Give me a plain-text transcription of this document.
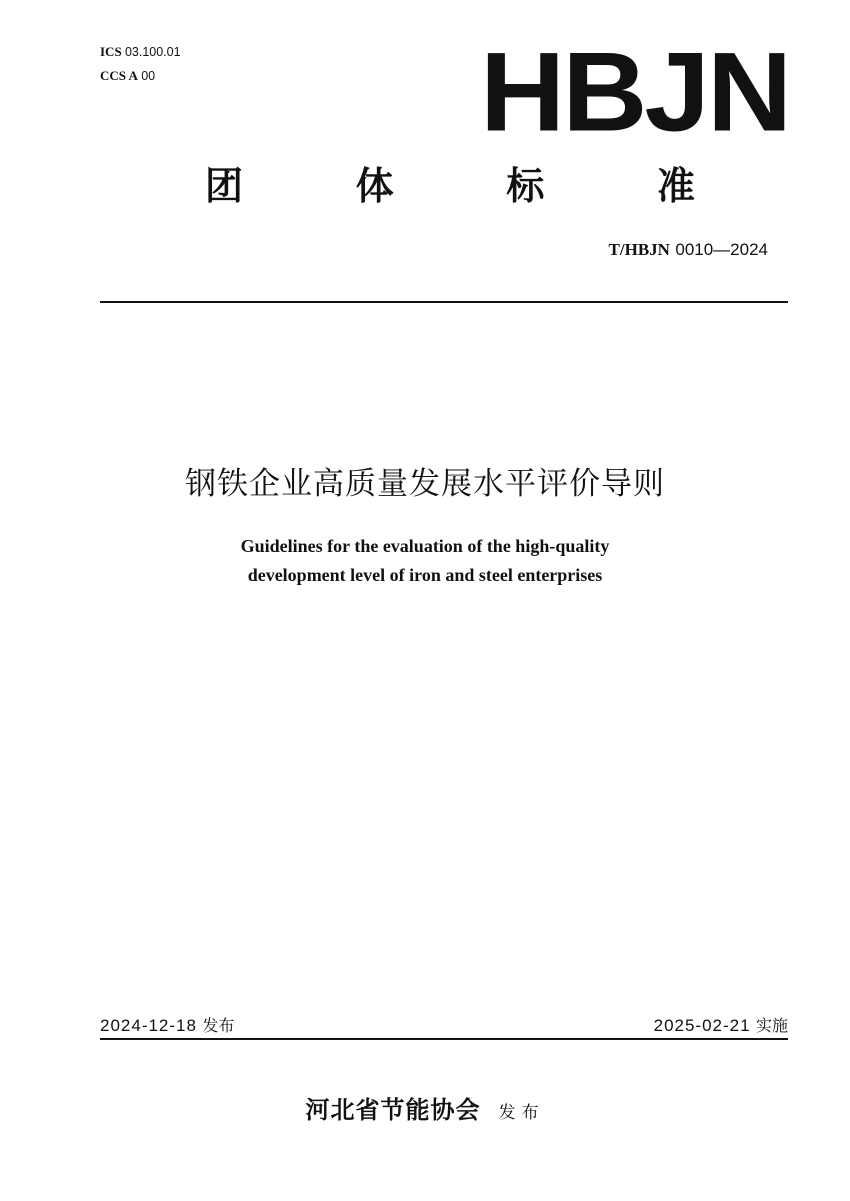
ICS 03.100.01
CCS A 00	HBJN
团	体	标	准
T/HBJN 0010—2024
钢铁企业高质量发展水平评价导则
Guidelines for the evaluation of the high-quality
development level of iron and steel enterprises
2024-12-18 发布	2025-02-21 实施
河北省节能协会 发布
